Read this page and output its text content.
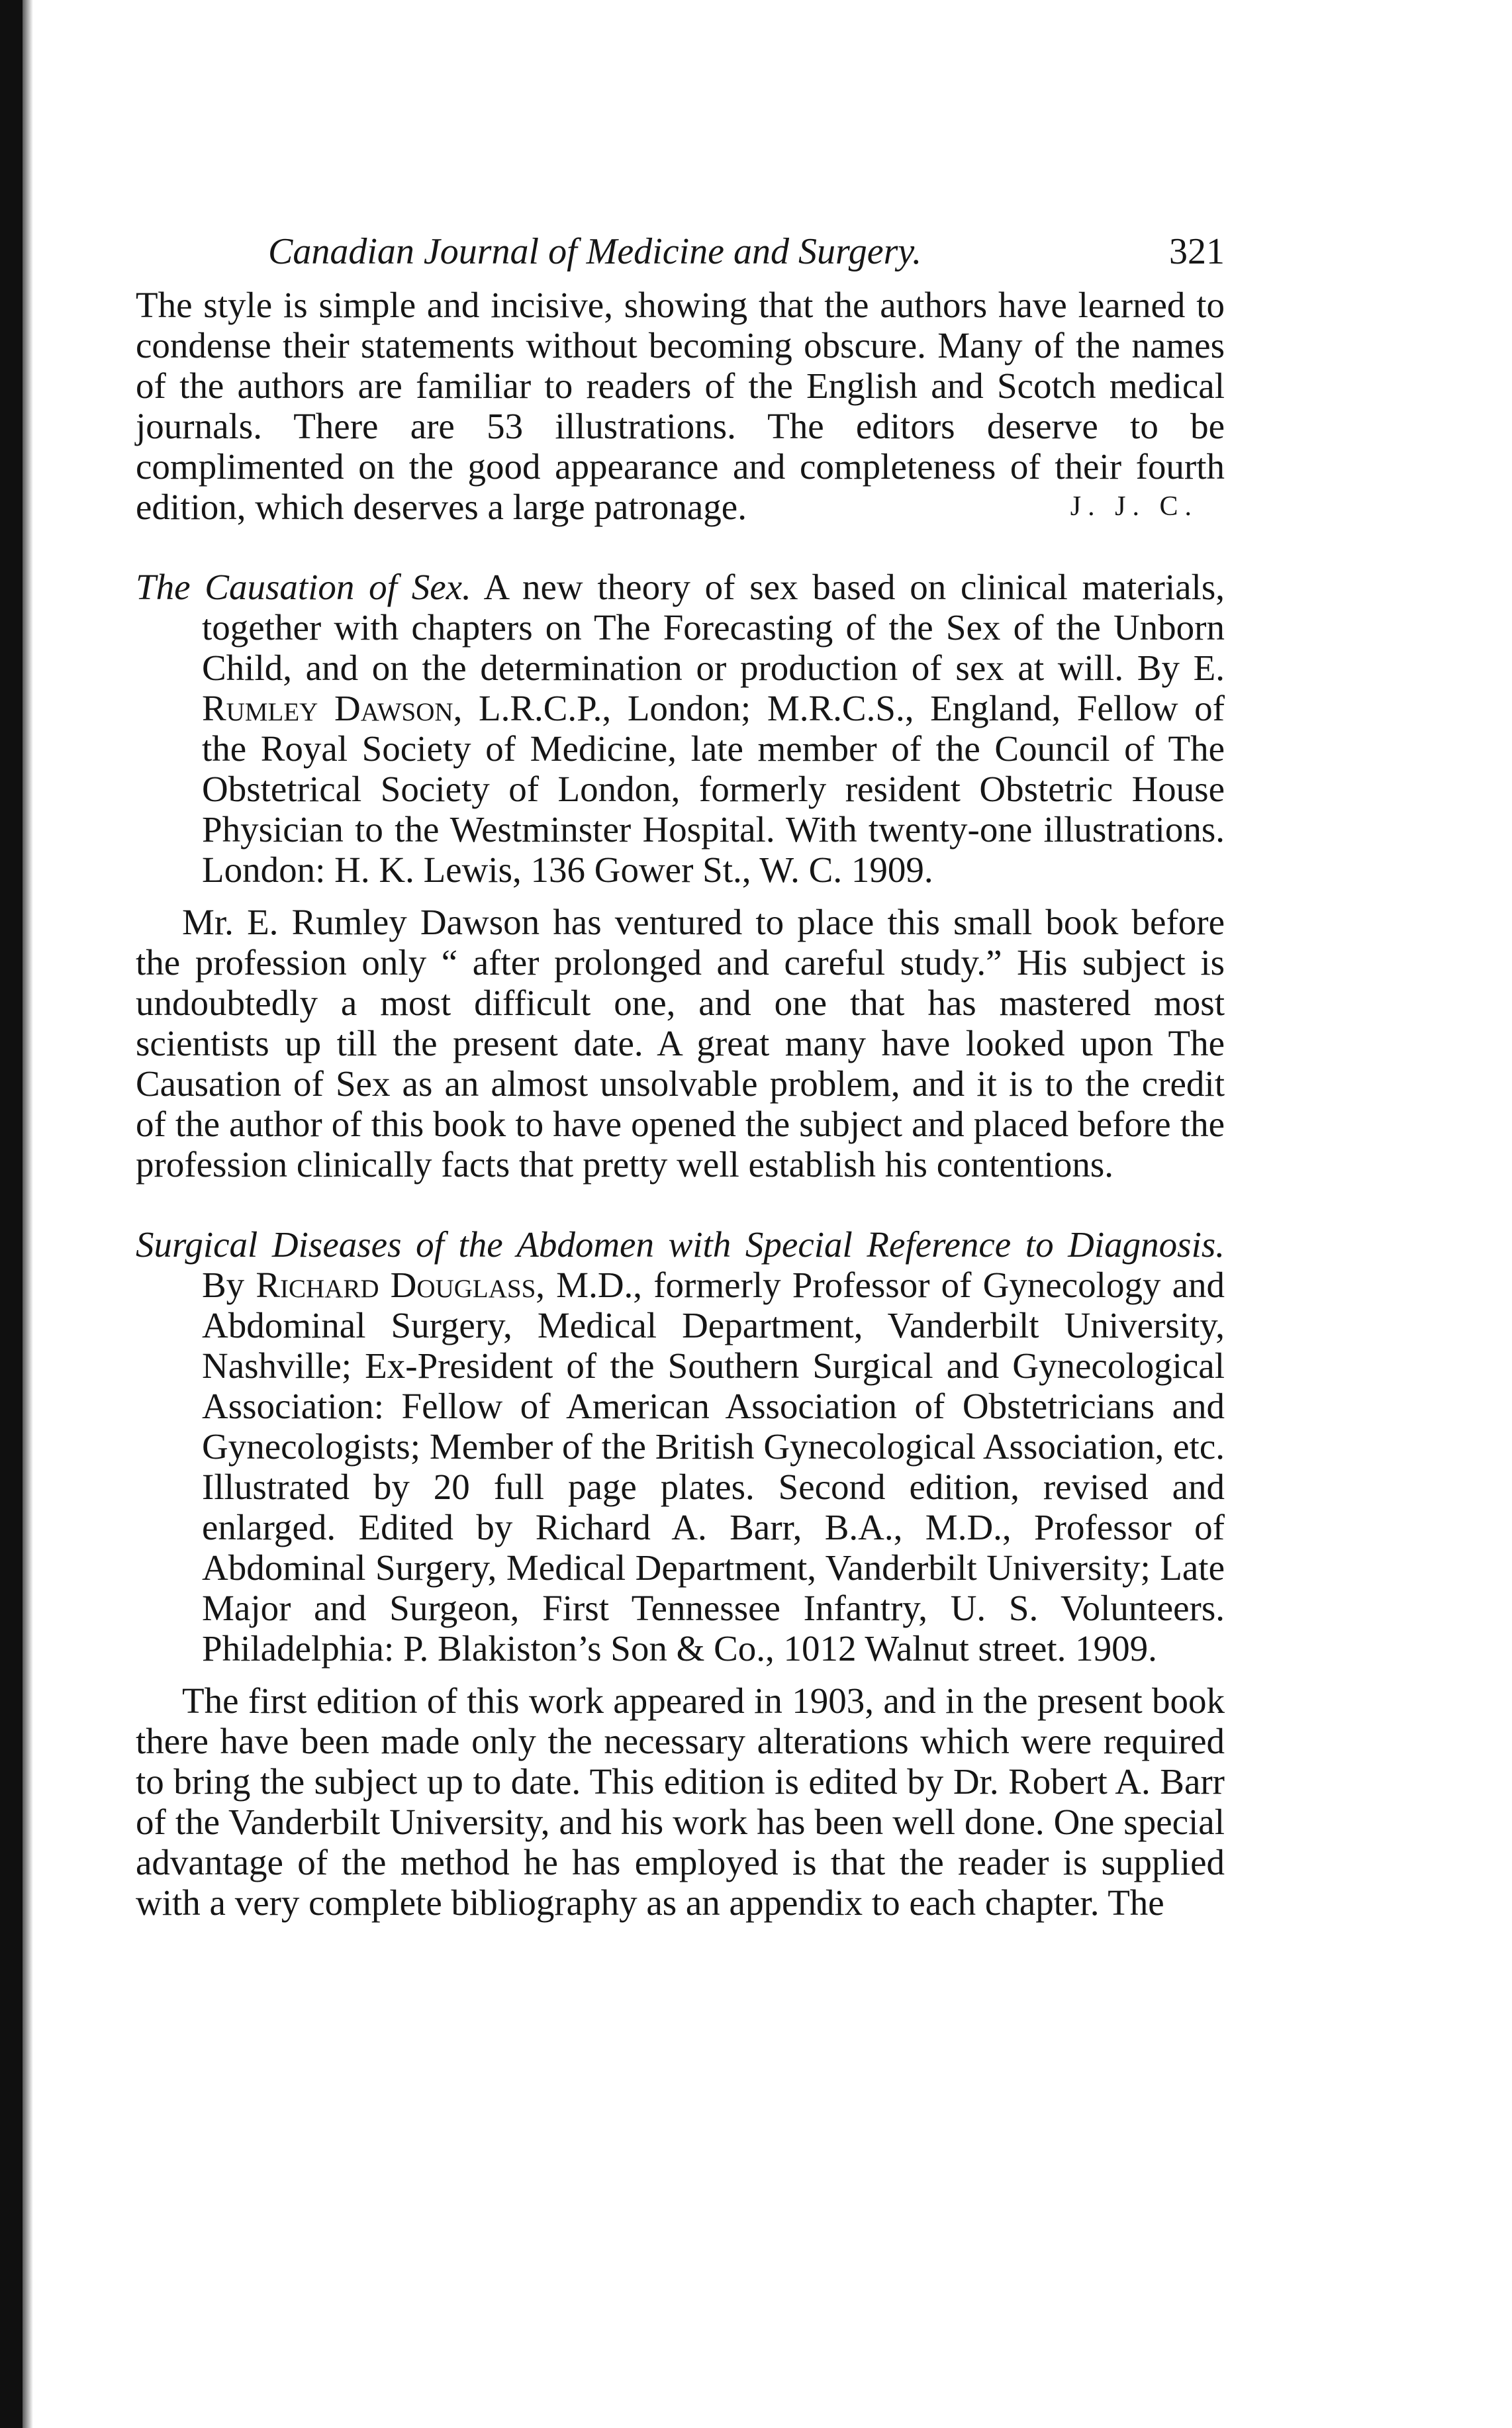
Canadian Journal of Medicine and Surgery.	321

The style is simple and incisive, showing that the authors have learned to condense their statements without becoming obscure. Many of the names of the authors are familiar to readers of the English and Scotch medical journals. There are 53 illustrations. The editors deserve to be complimented on the good appearance and completeness of their fourth edition, which deserves a large patronage.	J. J. C.

The Causation of Sex. A new theory of sex based on clinical materials, together with chapters on The Forecasting of the Sex of the Unborn Child, and on the determination or production of sex at will. By E. Rumley Dawson, L.R.C.P., London; M.R.C.S., England, Fellow of the Royal Society of Medicine, late member of the Council of The Obstetrical Society of London, formerly resident Obstetric House Physician to the Westminster Hospital. With twenty-one illustrations. London: H. K. Lewis, 136 Gower St., W. C. 1909.

Mr. E. Rumley Dawson has ventured to place this small book before the profession only “ after prolonged and careful study.” His subject is undoubtedly a most difficult one, and one that has mastered most scientists up till the present date. A great many have looked upon The Causation of Sex as an almost unsolvable problem, and it is to the credit of the author of this book to have opened the subject and placed before the profession clinically facts that pretty well establish his contentions.

Surgical Diseases of the Abdomen with Special Reference to Diagnosis. By Richard Douglass, M.D., formerly Professor of Gynecology and Abdominal Surgery, Medical Department, Vanderbilt University, Nashville; Ex-President of the Southern Surgical and Gynecological Association: Fellow of American Association of Obstetricians and Gynecologists; Member of the British Gynecological Association, etc. Illustrated by 20 full page plates. Second edition, revised and enlarged. Edited by Richard A. Barr, B.A., M.D., Professor of Abdominal Surgery, Medical Department, Vanderbilt University; Late Major and Surgeon, First Tennessee Infantry, U. S. Volunteers. Philadelphia: P. Blakiston’s Son & Co., 1012 Walnut street. 1909.

The first edition of this work appeared in 1903, and in the present book there have been made only the necessary alterations which were required to bring the subject up to date. This edition is edited by Dr. Robert A. Barr of the Vanderbilt University, and his work has been well done. One special advantage of the method he has employed is that the reader is supplied with a very complete bibliography as an appendix to each chapter. The
